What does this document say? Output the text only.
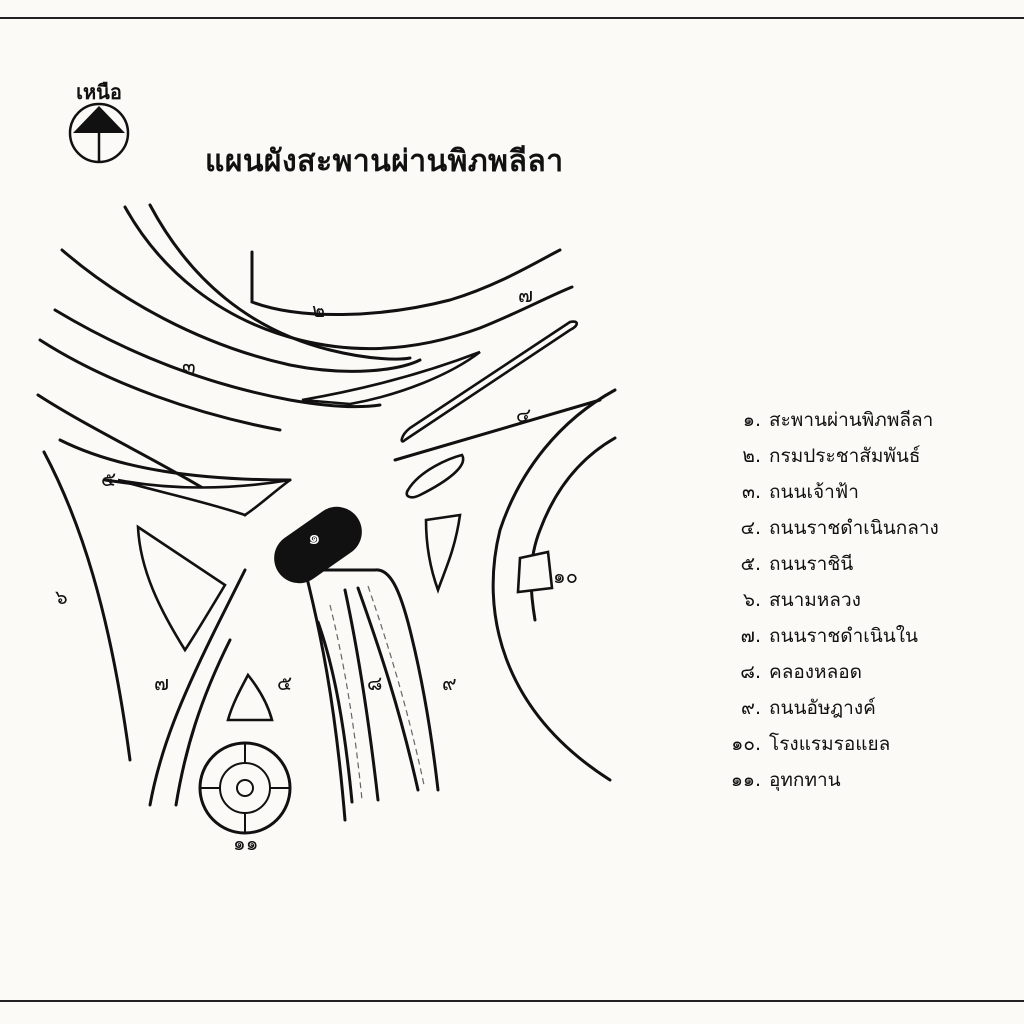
เหนือ
แผนผังสะพานผ่านพิภพลีลา
๑
๒
๓
๔
๕
๕
๖
๗
๗	๘	๙
๑๐
๑๑
๑. สะพานผ่านพิภพลีลา
๒. กรมประชาสัมพันธ์
๓. ถนนเจ้าฟ้า
๔. ถนนราชดำเนินกลาง
๕. ถนนราชินี
๖. สนามหลวง
๗. ถนนราชดำเนินใน
๘. คลองหลอด
๙. ถนนอัษฎางค์
๑๐. โรงแรมรอแยล
๑๑. อุทกทาน
